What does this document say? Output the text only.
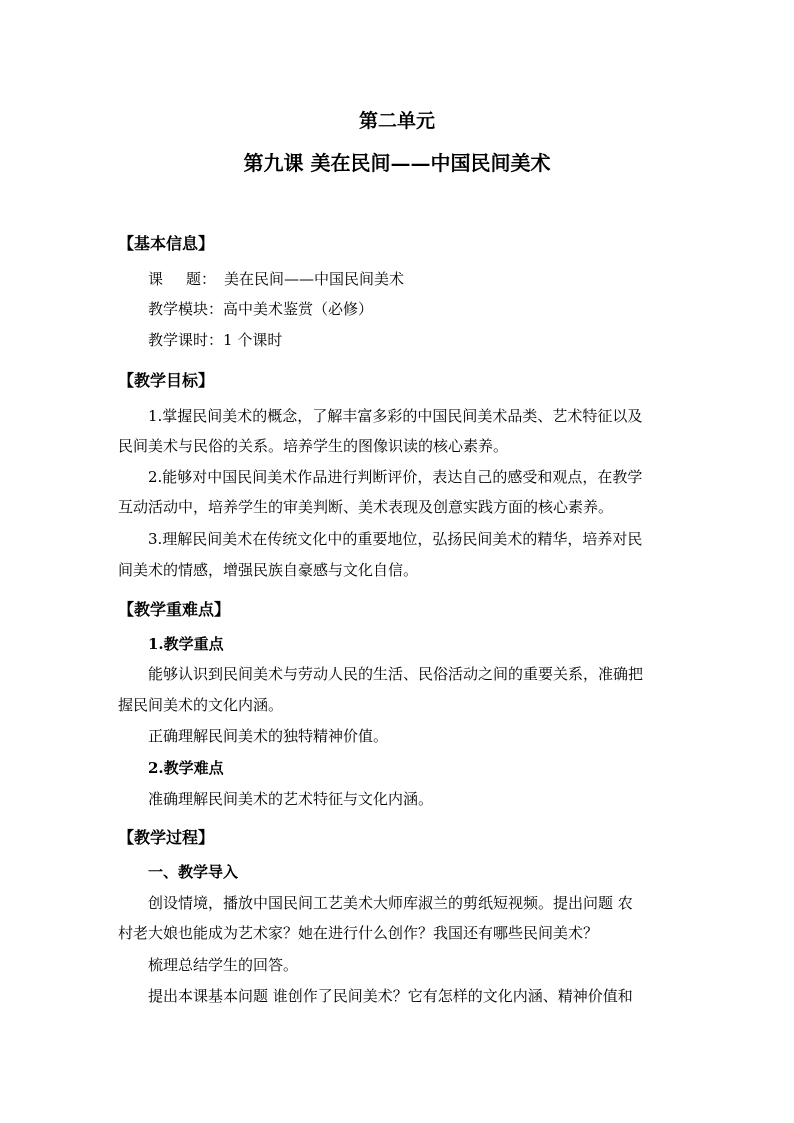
第二单元
第九课 美在民间——中国民间美术
【基本信息】
课 题： 美在民间——中国民间美术
教学模块：高中美术鉴赏（必修）
教学课时：1 个课时
【教学目标】
1.掌握民间美术的概念，了解丰富多彩的中国民间美术品类、艺术特征以及
民间美术与民俗的关系。培养学生的图像识读的核心素养。
2.能够对中国民间美术作品进行判断评价，表达自己的感受和观点，在教学
互动活动中，培养学生的审美判断、美术表现及创意实践方面的核心素养。
3.理解民间美术在传统文化中的重要地位，弘扬民间美术的精华，培养对民
间美术的情感，增强民族自豪感与文化自信。
【教学重难点】
1.教学重点
能够认识到民间美术与劳动人民的生活、民俗活动之间的重要关系，准确把
握民间美术的文化内涵。
正确理解民间美术的独特精神价值。
2.教学难点
准确理解民间美术的艺术特征与文化内涵。
【教学过程】
一、教学导入
创设情境，播放中国民间工艺美术大师库淑兰的剪纸短视频。提出问题 农
村老大娘也能成为艺术家？她在进行什么创作？我国还有哪些民间美术？
梳理总结学生的回答。
提出本课基本问题 谁创作了民间美术？它有怎样的文化内涵、精神价值和
